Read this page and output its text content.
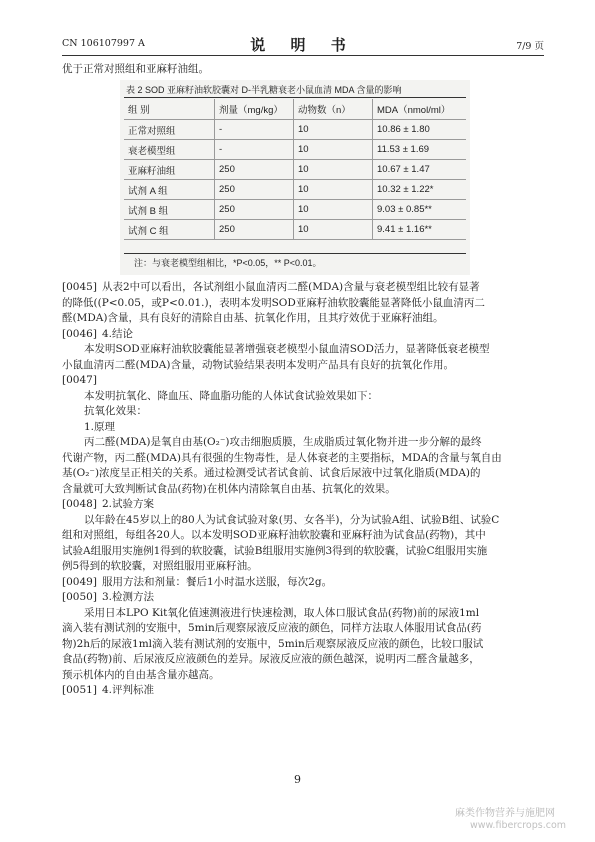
CN 106107997 A	说 明 书	7/9 页

优于正常对照组和亚麻籽油组。

表 2 SOD 亚麻籽油软胶囊对 D-半乳糖衰老小鼠血清 MDA 含量的影响
组 别	剂量（mg/kg）	动物数（n）	MDA（nmol/ml）
正常对照组	-	10	10.86 ± 1.80
衰老模型组	-	10	11.53 ± 1.69
亚麻籽油组	250	10	10.67 ± 1.47
试剂 A 组	250	10	10.32 ± 1.22*
试剂 B 组	250	10	9.03 ± 0.85**
试剂 C 组	250	10	9.41 ± 1.16**
注：与衰老模型组相比，*P<0.05，** P<0.01。

[0045] 从表2中可以看出，各试剂组小鼠血清丙二醛(MDA)含量与衰老模型组比较有显著

的降低((P<0.05，或P<0.01.)，表明本发明SOD亚麻籽油软胶囊能显著降低小鼠血清丙二

醛(MDA)含量，具有良好的清除自由基、抗氧化作用，且其疗效优于亚麻籽油组。

[0046] 4.结论

本发明SOD亚麻籽油软胶囊能显著增强衰老模型小鼠血清SOD活力，显著降低衰老模型

小鼠血清丙二醛(MDA)含量，动物试验结果表明本发明产品具有良好的抗氧化作用。

[0047]

本发明抗氧化、降血压、降血脂功能的人体试食试验效果如下：

抗氧化效果：

1.原理

丙二醛(MDA)是氧自由基(O₂⁻)攻击细胞质膜，生成脂质过氧化物并进一步分解的最终

代谢产物，丙二醛(MDA)具有很强的生物毒性，是人体衰老的主要指标，MDA的含量与氧自由

基(O₂⁻)浓度呈正相关的关系。通过检测受试者试食前、试食后尿液中过氧化脂质(MDA)的

含量就可大致判断试食品(药物)在机体内清除氧自由基、抗氧化的效果。

[0048] 2.试验方案

以年龄在45岁以上的80人为试食试验对象(男、女各半)，分为试验A组、试验B组、试验C

组和对照组，每组各20人。以本发明SOD亚麻籽油软胶囊和亚麻籽油为试食品(药物)，其中

试验A组服用实施例1得到的软胶囊，试验B组服用实施例3得到的软胶囊，试验C组服用实施

例5得到的软胶囊，对照组服用亚麻籽油。

[0049] 服用方法和剂量：餐后1小时温水送服，每次2g。

[0050] 3.检测方法

采用日本LPO Kit氧化值速测液进行快速检测，取人体口服试食品(药物)前的尿液1ml

滴入装有测试剂的安瓶中，5min后观察尿液反应液的颜色，同样方法取人体服用试食品(药

物)2h后的尿液1ml滴入装有测试剂的安瓶中，5min后观察尿液反应液的颜色，比较口服试

食品(药物)前、后尿液反应液颜色的差异。尿液反应液的颜色越深，说明丙二醛含量越多，

预示机体内的自由基含量亦越高。

[0051] 4.评判标准

9
麻类作物营养与施肥网
www.fibercrops.com
